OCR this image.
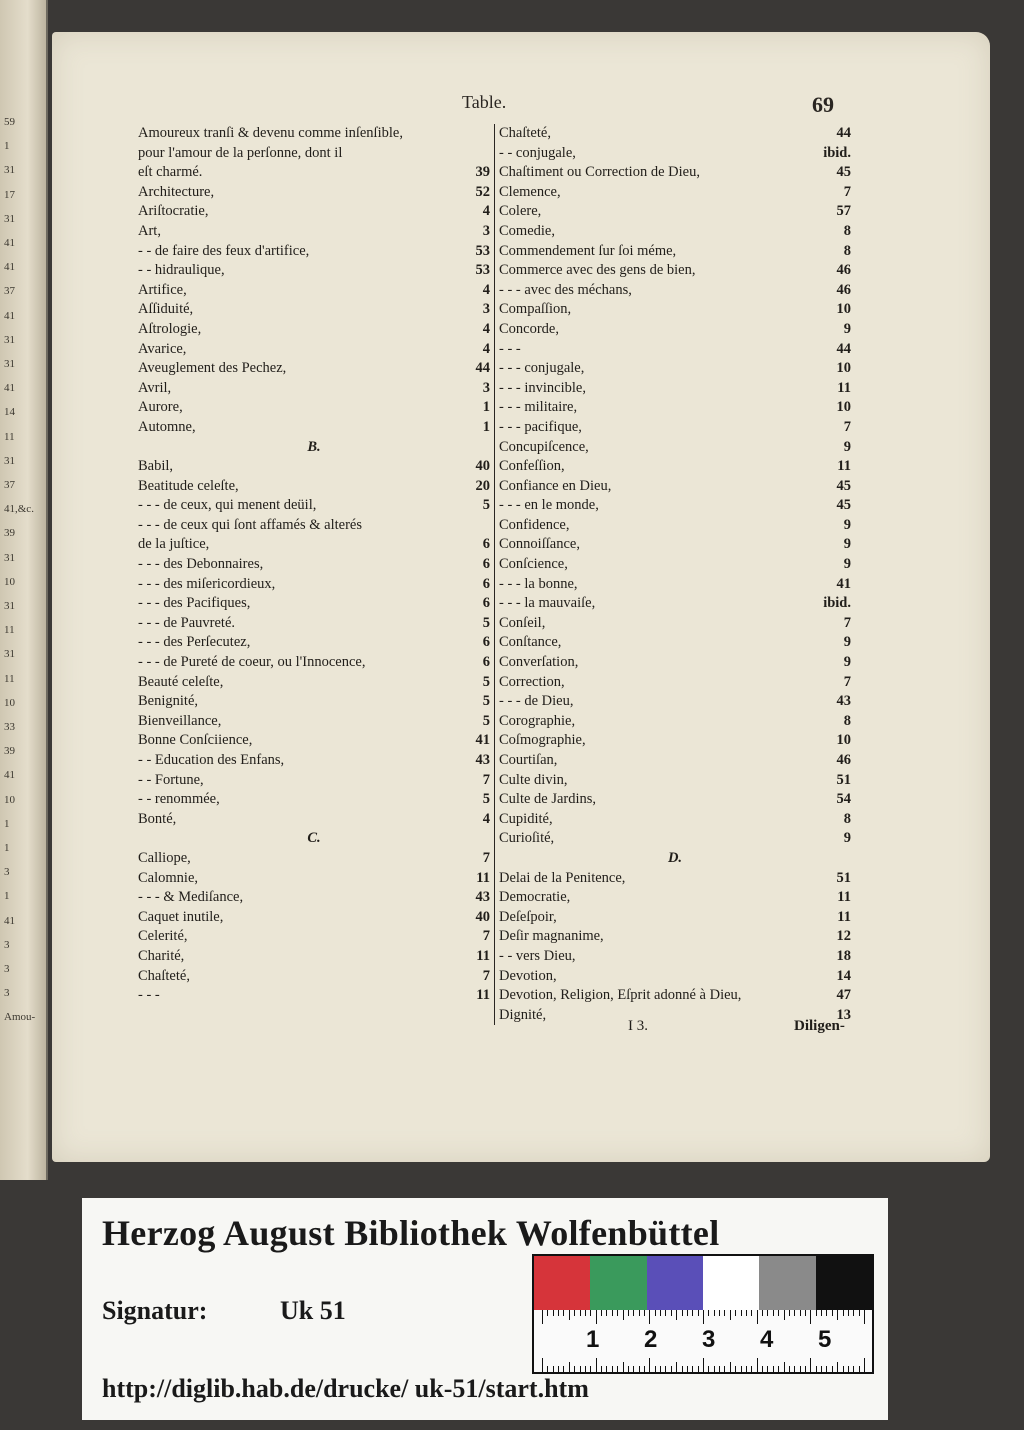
59
1
31
17
31
41
41
37
41
31
31
41
14
11
31
37
41,&c.
39
31
10
31
11
31
11
10
33
39
41
10
1
1
3
1
41
3
3
3
Amou-
Table.	69
Amoureux tranſi & devenu comme inſenſible,
pour l'amour de la perſonne, dont il
eſt charmé.	39
Architecture,	52
Ariſtocratie,	4
Art,	3
- - de faire des feux d'artifice,	53
- - hidraulique,	53
Artifice,	4
Aſſiduité,	3
Aſtrologie,	4
Avarice,	4
Aveuglement des Pechez,	44
Avril,	3
Aurore,	1
Automne,	1
B.
Babil,	40
Beatitude celeſte,	20
- - - de ceux, qui menent deüil,	5
- - - de ceux qui ſont affamés & alterés
de la juſtice,	6
- - - des Debonnaires,	6
- - - des miſericordieux,	6
- - - des Pacifiques,	6
- - - de Pauvreté.	5
- - - des Perſecutez,	6
- - - de Pureté de coeur, ou l'Innocence,	6
Beauté celeſte,	5
Benignité,	5
Bienveillance,	5
Bonne Conſciience,	41
- - Education des Enfans,	43
- - Fortune,	7
- - renommée,	5
Bonté,	4
C.
Calliope,	7
Calomnie,	11
- - - & Mediſance,	43
Caquet inutile,	40
Celerité,	7
Charité,	11
Chaſteté,	7
- - -	11
Chaſteté,	44
- - conjugale,	ibid.
Chaſtiment ou Correction de Dieu,	45
Clemence,	7
Colere,	57
Comedie,	8
Commendement ſur ſoi méme,	8
Commerce avec des gens de bien,	46
- - - avec des méchans,	46
Compaſſion,	10
Concorde,	9
- - -	44
- - - conjugale,	10
- - - invincible,	11
- - - militaire,	10
- - - pacifique,	7
Concupiſcence,	9
Confeſſion,	11
Confiance en Dieu,	45
- - - en le monde,	45
Confidence,	9
Connoiſſance,	9
Conſcience,	9
- - - la bonne,	41
- - - la mauvaiſe,	ibid.
Conſeil,	7
Conſtance,	9
Converſation,	9
Correction,	7
- - - de Dieu,	43
Corographie,	8
Coſmographie,	10
Courtiſan,	46
Culte divin,	51
Culte de Jardins,	54
Cupidité,	8
Curioſité,	9
D.
Delai de la Penitence,	51
Democratie,	11
Deſeſpoir,	11
Deſir magnanime,	12
- - vers Dieu,	18
Devotion,	14
Devotion, Religion, Eſprit adonné à Dieu,	47
Dignité,	13
I 3.	Diligen-
Herzog August Bibliothek Wolfenbüttel
Signatur:	Uk 51
http://diglib.hab.de/drucke/ uk-51/start.htm
1 2 3 4 5
